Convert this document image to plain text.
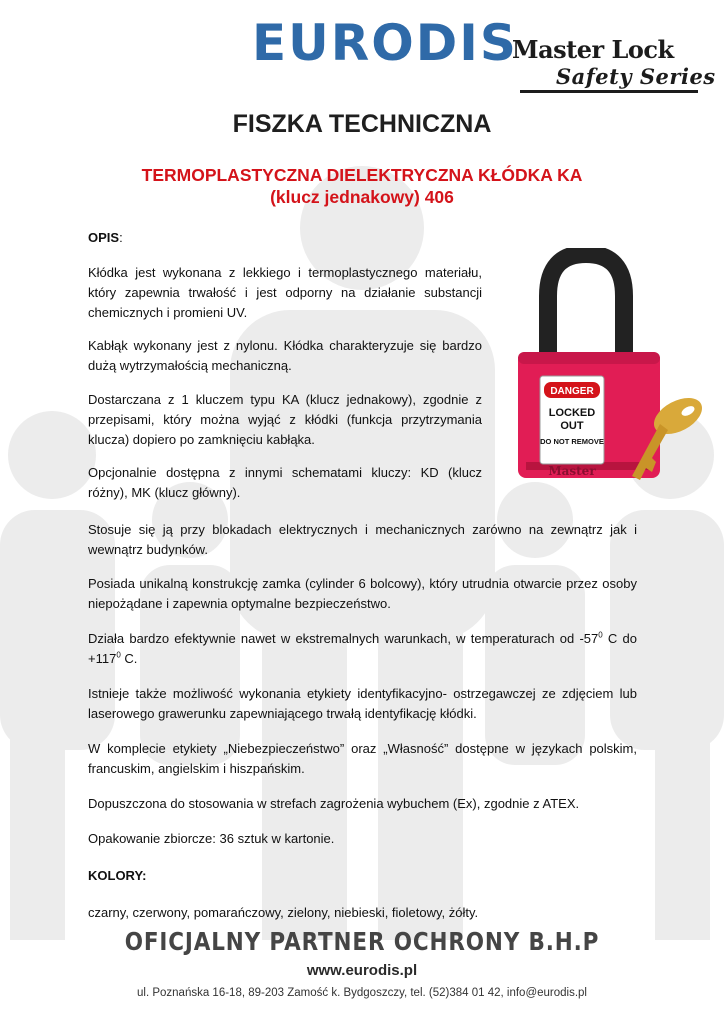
EURODIS
Master Lock
Safety Series
FISZKA TECHNICZNA
TERMOPLASTYCZNA DIELEKTRYCZNA KŁÓDKA KA
(klucz jednakowy) 406
OPIS:
Kłódka jest wykonana z lekkiego i termoplastycznego materiału, który zapewnia trwałość i jest odporny na działanie substancji chemicznych i promieni UV.
Kabłąk wykonany jest z nylonu. Kłódka charakteryzuje się bardzo dużą wytrzymałością mechaniczną.
Dostarczana z 1 kluczem typu KA (klucz jednakowy), zgodnie z przepisami, który można wyjąć z kłódki (funkcja przytrzymania klucza) dopiero po zamknięciu kabłąka.
Opcjonalnie dostępna z innymi schematami kluczy: KD (klucz różny), MK (klucz główny).
Stosuje się ją przy blokadach elektrycznych i mechanicznych zarówno na zewnątrz jak i wewnątrz budynków.
Posiada unikalną konstrukcję zamka (cylinder 6 bolcowy), który utrudnia otwarcie przez osoby niepożądane i zapewnia optymalne bezpieczeństwo.
Działa bardzo efektywnie nawet w ekstremalnych warunkach, w temperaturach od $-57^0$ C do $+117^0$ C.
Istnieje także możliwość wykonania etykiety identyfikacyjno- ostrzegawczej ze zdjęciem lub laserowego grawerunku zapewniającego trwałą identyfikację kłódki.
W komplecie etykiety „Niebezpieczeństwo” oraz „Własność” dostępne w językach polskim, francuskim, angielskim i hiszpańskim.
Dopuszczona do stosowania w strefach zagrożenia wybuchem (Ex), zgodnie z ATEX.
Opakowanie zbiorcze: 36 sztuk w kartonie.
KOLORY:
czarny, czerwony, pomarańczowy, zielony, niebieski, fioletowy, żółty.
DANGER
LOCKED
OUT
DO NOT REMOVE
Master
OFICJALNY PARTNER OCHRONY B.H.P
www.eurodis.pl
ul. Poznańska 16-18, 89-203 Zamość k. Bydgoszczy, tel. (52)384 01 42, info@eurodis.pl
